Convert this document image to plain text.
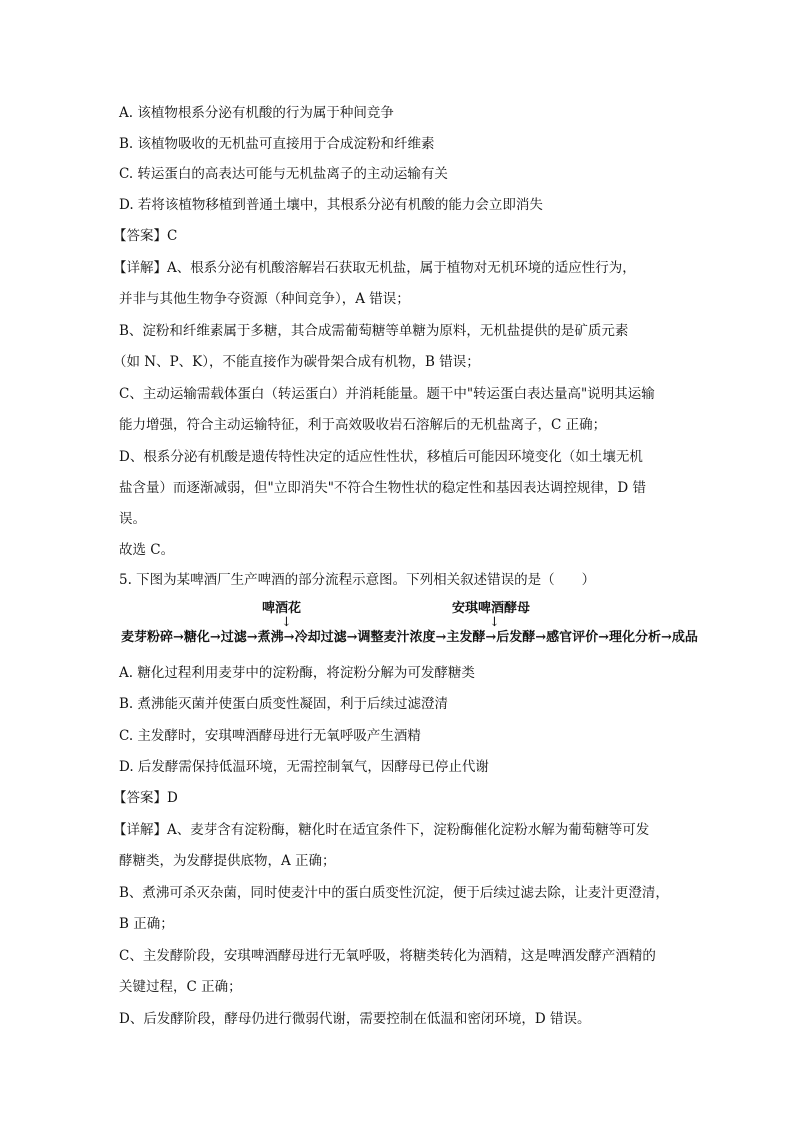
A. 该植物根系分泌有机酸的行为属于种间竞争
B. 该植物吸收的无机盐可直接用于合成淀粉和纤维素
C. 转运蛋白的高表达可能与无机盐离子的主动运输有关
D. 若将该植物移植到普通土壤中，其根系分泌有机酸的能力会立即消失
【答案】C
【详解】A、根系分泌有机酸溶解岩石获取无机盐，属于植物对无机环境的适应性行为，
并非与其他生物争夺资源（种间竞争），A 错误；
B、淀粉和纤维素属于多糖，其合成需葡萄糖等单糖为原料，无机盐提供的是矿质元素
（如 N、P、K），不能直接作为碳骨架合成有机物，B 错误；
C、主动运输需载体蛋白（转运蛋白）并消耗能量。题干中"转运蛋白表达量高"说明其运输
能力增强，符合主动运输特征，利于高效吸收岩石溶解后的无机盐离子，C 正确；
D、根系分泌有机酸是遗传特性决定的适应性性状，移植后可能因环境变化（如土壤无机
盐含量）而逐渐减弱，但"立即消失"不符合生物性状的稳定性和基因表达调控规律，D 错
误。
故选 C。
5. 下图为某啤酒厂生产啤酒的部分流程示意图。下列相关叙述错误的是（　　）
啤酒花
↓
安琪啤酒酵母
↓
麦芽粉碎→糖化→过滤→煮沸→冷却过滤→调整麦汁浓度→主发酵→后发酵→感官评价→理化分析→成品
A. 糖化过程利用麦芽中的淀粉酶，将淀粉分解为可发酵糖类
B. 煮沸能灭菌并使蛋白质变性凝固，利于后续过滤澄清
C. 主发酵时，安琪啤酒酵母进行无氧呼吸产生酒精
D. 后发酵需保持低温环境，无需控制氧气，因酵母已停止代谢
【答案】D
【详解】A、麦芽含有淀粉酶，糖化时在适宜条件下，淀粉酶催化淀粉水解为葡萄糖等可发
酵糖类，为发酵提供底物，A 正确；
B、煮沸可杀灭杂菌，同时使麦汁中的蛋白质变性沉淀，便于后续过滤去除，让麦汁更澄清，
B 正确；
C、主发酵阶段，安琪啤酒酵母进行无氧呼吸，将糖类转化为酒精，这是啤酒发酵产酒精的
关键过程，C 正确；
D、后发酵阶段，酵母仍进行微弱代谢，需要控制在低温和密闭环境，D 错误。
